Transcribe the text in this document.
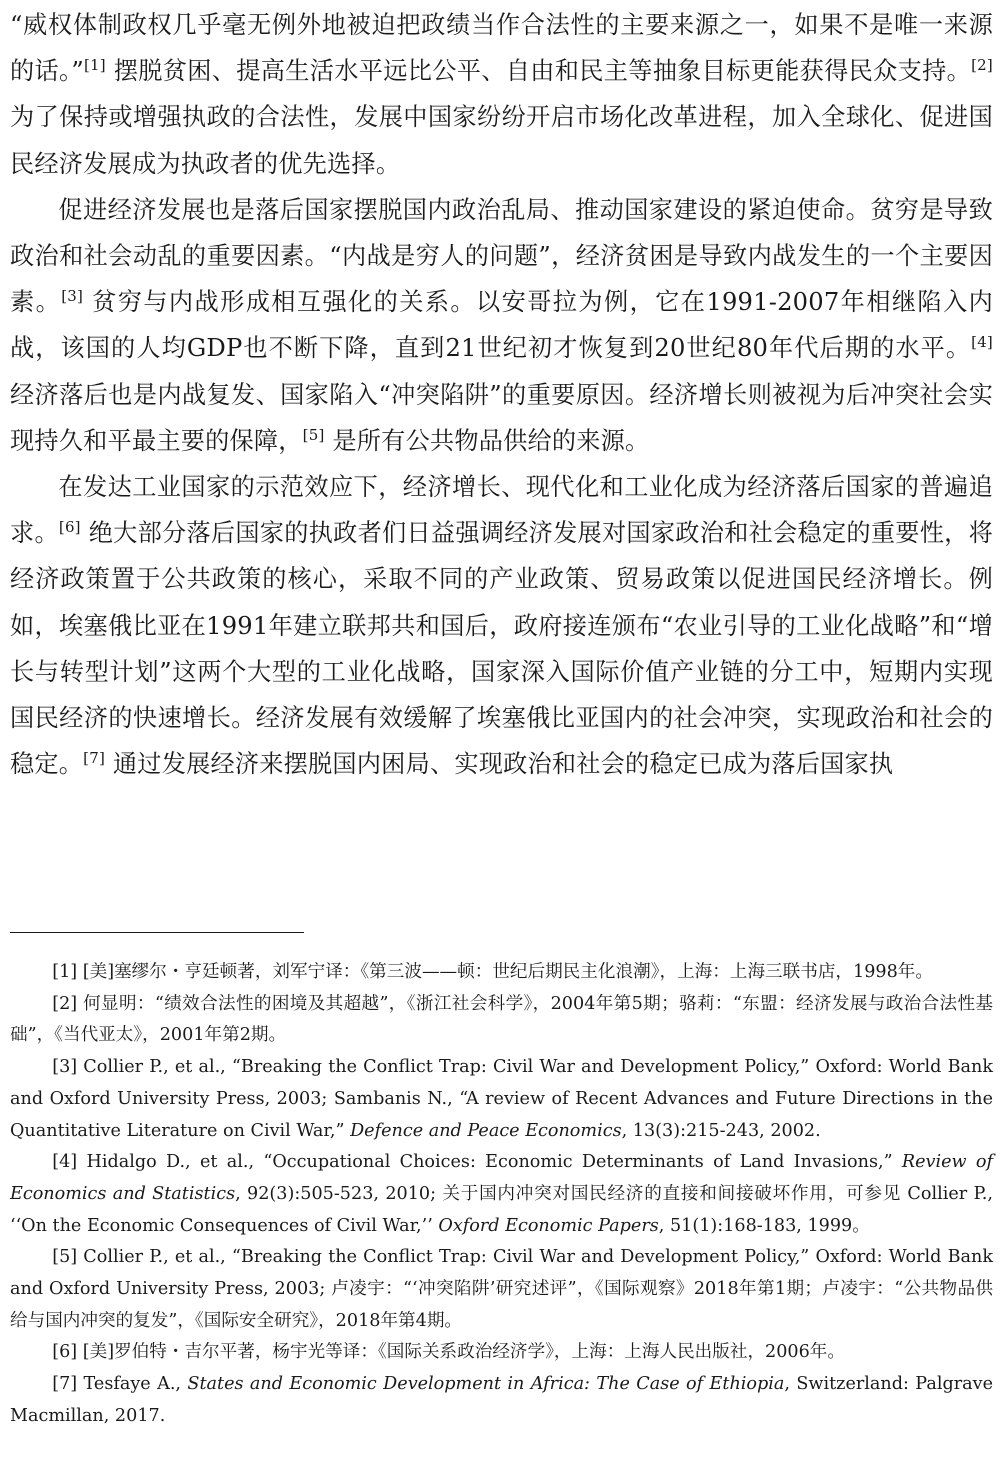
“威权体制政权几乎毫无例外地被迫把政绩当作合法性的主要来源之一，如果不是唯一来源的话。”[1] 摆脱贫困、提高生活水平远比公平、自由和民主等抽象目标更能获得民众支持。[2] 为了保持或增强执政的合法性，发展中国家纷纷开启市场化改革进程，加入全球化、促进国民经济发展成为执政者的优先选择。

促进经济发展也是落后国家摆脱国内政治乱局、推动国家建设的紧迫使命。贫穷是导致政治和社会动乱的重要因素。“内战是穷人的问题”，经济贫困是导致内战发生的一个主要因素。[3] 贫穷与内战形成相互强化的关系。以安哥拉为例，它在1991-2007年相继陷入内战，该国的人均GDP也不断下降，直到21世纪初才恢复到20世纪80年代后期的水平。[4] 经济落后也是内战复发、国家陷入“冲突陷阱”的重要原因。经济增长则被视为后冲突社会实现持久和平最主要的保障，[5] 是所有公共物品供给的来源。

在发达工业国家的示范效应下，经济增长、现代化和工业化成为经济落后国家的普遍追求。[6] 绝大部分落后国家的执政者们日益强调经济发展对国家政治和社会稳定的重要性，将经济政策置于公共政策的核心，采取不同的产业政策、贸易政策以促进国民经济增长。例如，埃塞俄比亚在1991年建立联邦共和国后，政府接连颁布“农业引导的工业化战略”和“增长与转型计划”这两个大型的工业化战略，国家深入国际价值产业链的分工中，短期内实现国民经济的快速增长。经济发展有效缓解了埃塞俄比亚国内的社会冲突，实现政治和社会的稳定。[7] 通过发展经济来摆脱国内困局、实现政治和社会的稳定已成为落后国家执

[1] [美]塞缪尔・亨廷顿著，刘军宁译：《第三波——顿：世纪后期民主化浪潮》，上海：上海三联书店，1998年。

[2] 何显明：“绩效合法性的困境及其超越”，《浙江社会科学》，2004年第5期；骆莉：“东盟：经济发展与政治合法性基础”，《当代亚太》，2001年第2期。

[3] Collier P., et al., “Breaking the Conflict Trap: Civil War and Development Policy,” Oxford: World Bank and Oxford University Press, 2003; Sambanis N., “A review of Recent Advances and Future Directions in the Quantitative Literature on Civil War,” Defence and Peace Economics, 13(3):215-243, 2002.

[4] Hidalgo D., et al., “Occupational Choices: Economic Determinants of Land Invasions,” Review of Economics and Statistics, 92(3):505-523, 2010; 关于国内冲突对国民经济的直接和间接破坏作用，可参见 Collier P., ‘‘On the Economic Consequences of Civil War,’’ Oxford Economic Papers, 51(1):168-183, 1999。

[5] Collier P., et al., “Breaking the Conflict Trap: Civil War and Development Policy,” Oxford: World Bank and Oxford University Press, 2003; 卢凌宇：“‘冲突陷阱’研究述评”，《国际观察》2018年第1期；卢凌宇：“公共物品供给与国内冲突的复发”，《国际安全研究》，2018年第4期。

[6] [美]罗伯特・吉尔平著，杨宇光等译：《国际关系政治经济学》，上海：上海人民出版社，2006年。

[7] Tesfaye A., States and Economic Development in Africa: The Case of Ethiopia, Switzerland: Palgrave Macmillan, 2017.
